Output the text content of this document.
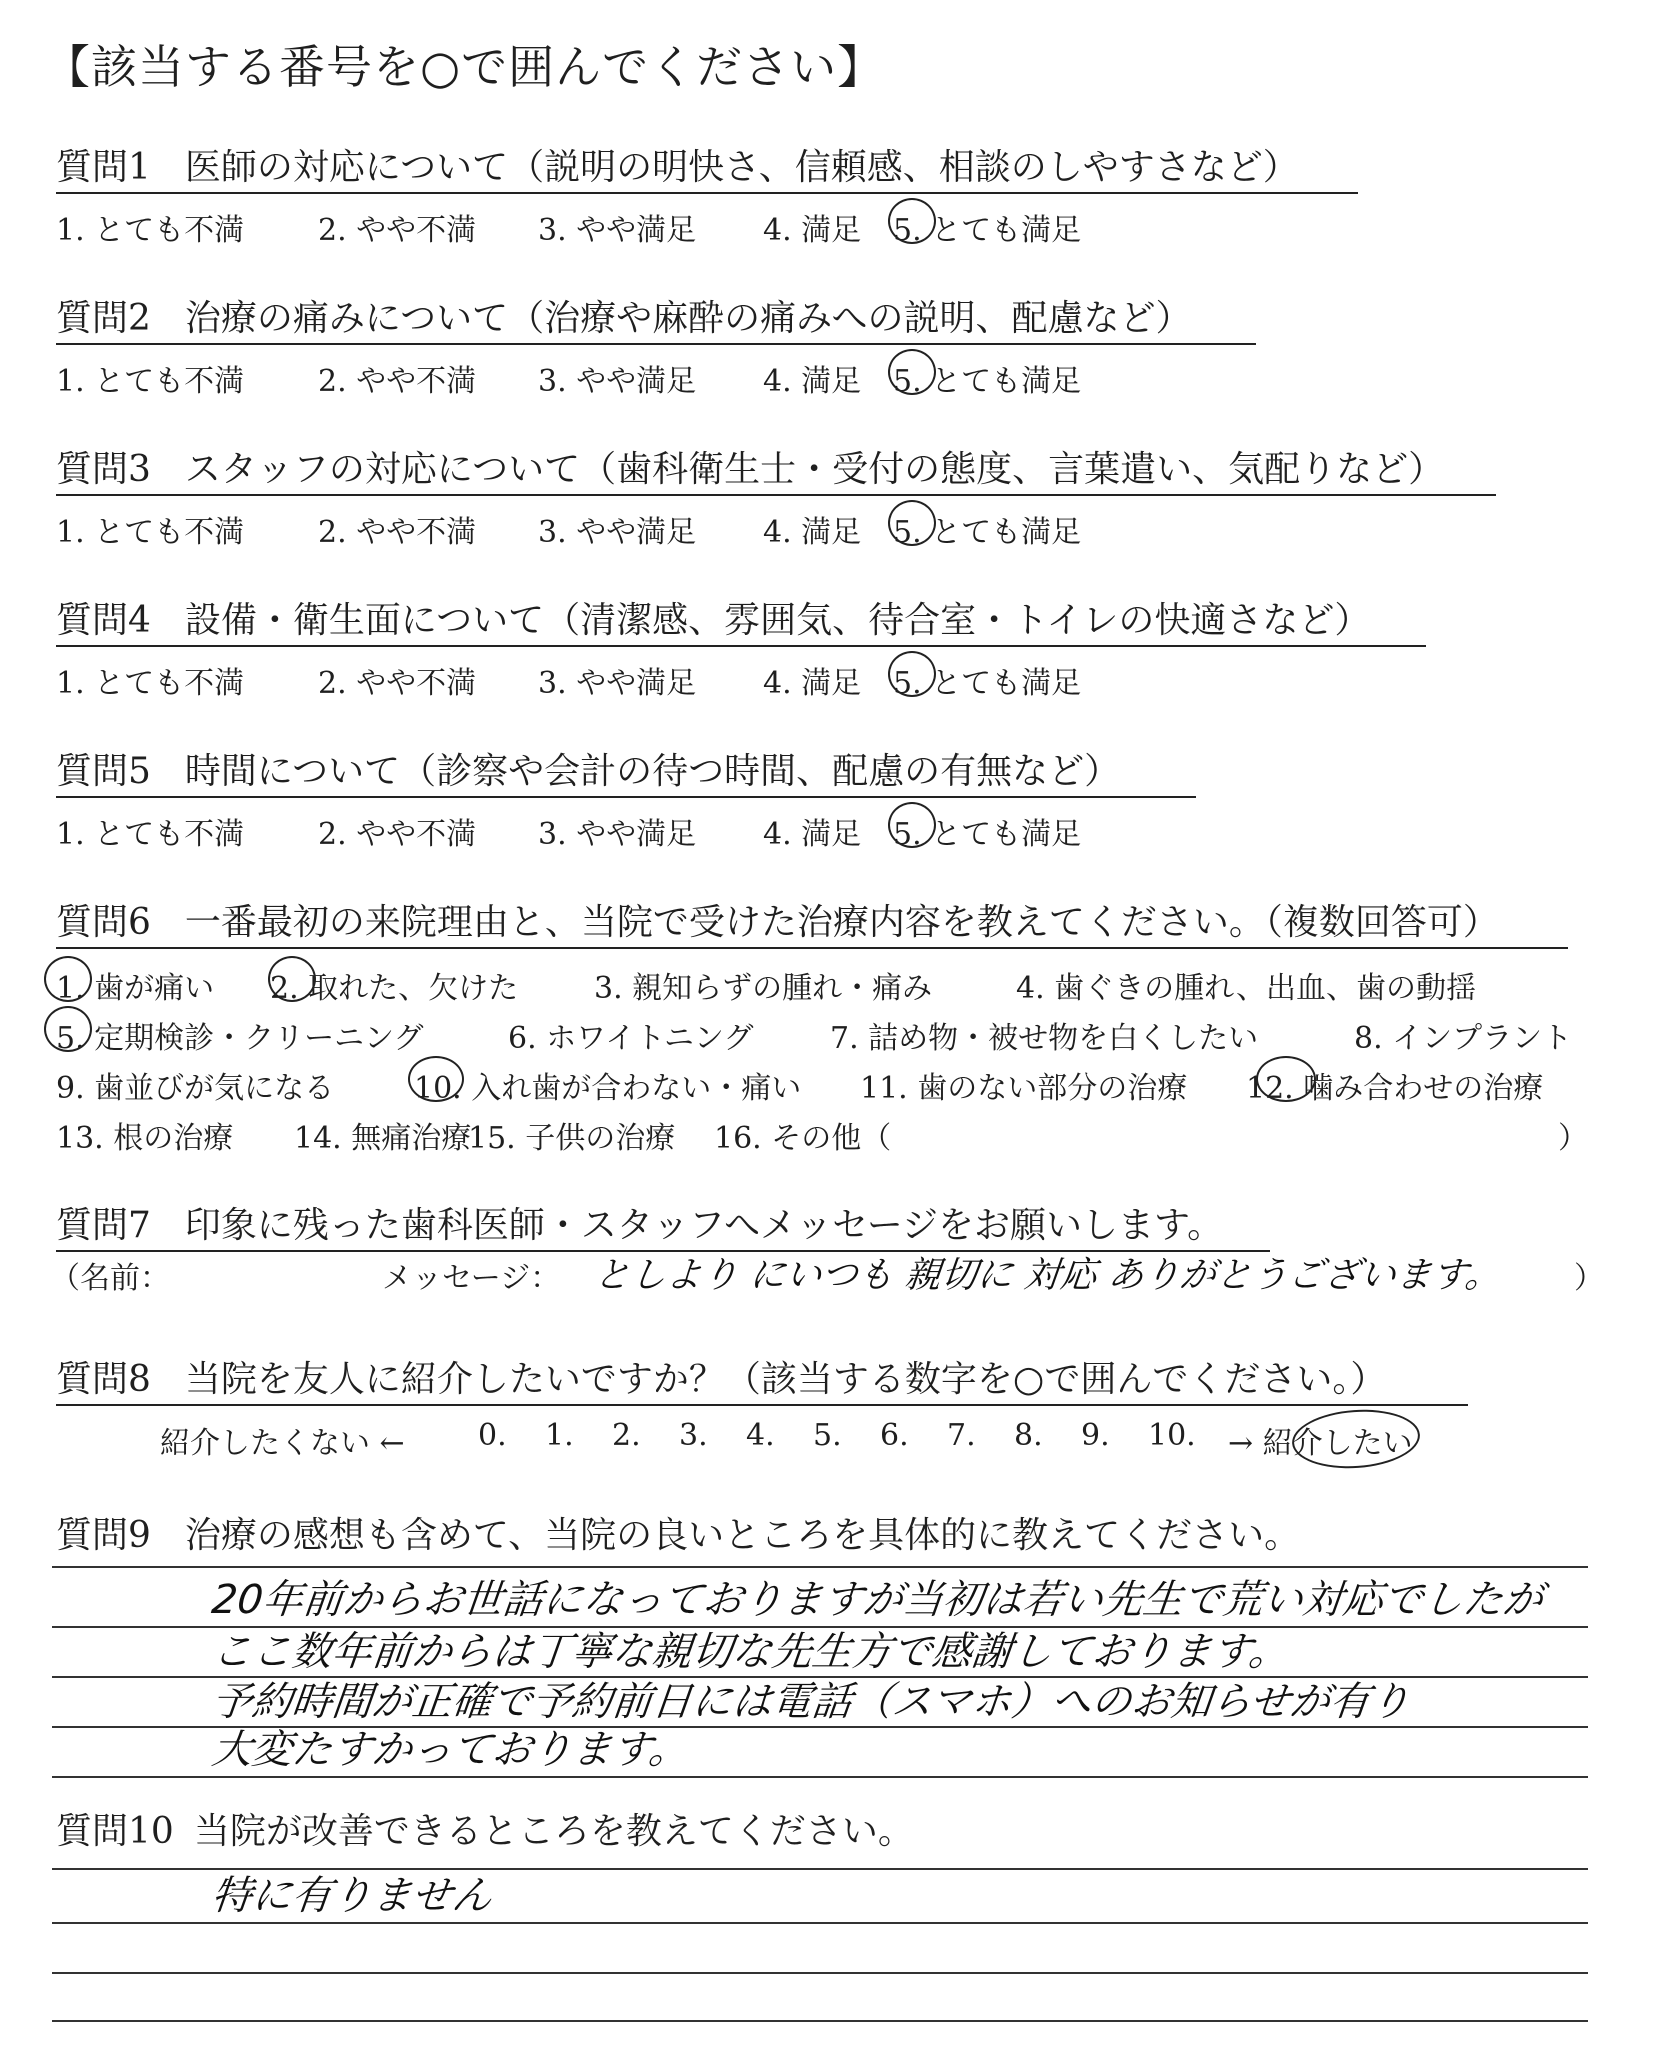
【該当する番号を○で囲んでください】
質問1 医師の対応について（説明の明快さ、信頼感、相談のしやすさなど）
1. とても不満	2. やや不満	3. やや満足	4. 満足	5. とても満足
質問2 治療の痛みについて（治療や麻酔の痛みへの説明、配慮など）
1. とても不満	2. やや不満	3. やや満足	4. 満足	5. とても満足
質問3 スタッフの対応について（歯科衛生士・受付の態度、言葉遣い、気配りなど）
1. とても不満	2. やや不満	3. やや満足	4. 満足	5. とても満足
質問4 設備・衛生面について（清潔感、雰囲気、待合室・トイレの快適さなど）
1. とても不満	2. やや不満	3. やや満足	4. 満足	5. とても満足
質問5 時間について（診察や会計の待つ時間、配慮の有無など）
1. とても不満	2. やや不満	3. やや満足	4. 満足	5. とても満足
質問6 一番最初の来院理由と、当院で受けた治療内容を教えてください。（複数回答可）
1. 歯が痛い	2. 取れた、欠けた	3. 親知らずの腫れ・痛み	4. 歯ぐきの腫れ、出血、歯の動揺
5. 定期検診・クリーニング	6. ホワイトニング	7. 詰め物・被せ物を白くしたい	8. インプラント
9. 歯並びが気になる	10. 入れ歯が合わない・痛い	11. 歯のない部分の治療	12. 噛み合わせの治療
13. 根の治療	14. 無痛治療
15. 子供の治療	16. その他（	）
質問7 印象に残った歯科医師・スタッフへメッセージをお願いします。
（名前：	メッセージ： としより にいつも 親切に 対応 ありがとうございます。 ）
質問8 当院を友人に紹介したいですか？（該当する数字を○で囲んでください。）
紹介したくない ←	0.	1.	2.	3.	4.	5.	6.	7.	8.	9.	10.	→ 紹介したい
質問9 治療の感想も含めて、当院の良いところを具体的に教えてください。
20年前からお世話になっておりますが当初は若い先生で荒い対応でしたが
ここ数年前からは丁寧な親切な先生方で感謝しております。
予約時間が正確で予約前日には電話（スマホ）へのお知らせが有り
大変たすかっております。
質問10 当院が改善できるところを教えてください。
特に有りません
